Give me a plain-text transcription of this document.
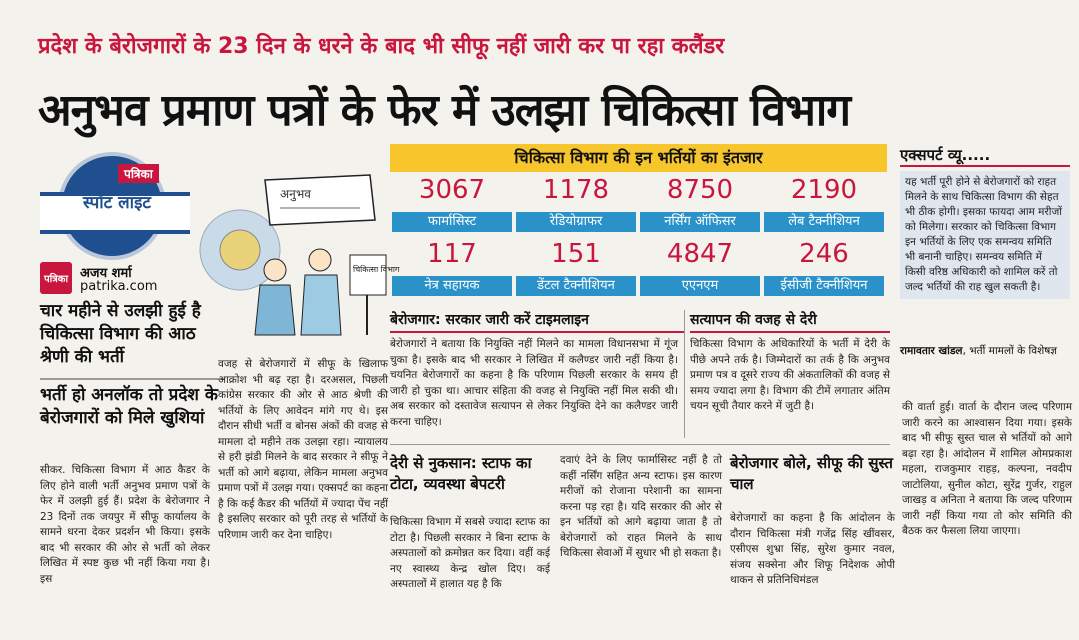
प्रदेश के बेरोजगारों के 23 दिन के धरने के बाद भी सीफू नहीं जारी कर पा रहा कलैंडर
अनुभव प्रमाण पत्रों के फेर में उलझा चिकित्सा विभाग
स्पॉट लाइट
पत्रिका
पत्रिका अजय शर्मा
patrika.com
अनुभव
चिकित्सा विभाग
चार महीने से उलझी हुई है चिकित्सा विभाग की आठ श्रेणी की भर्ती
भर्ती हो अनलॉक तो प्रदेश के बेरोजगारों को मिले खुशियां
सीकर. चिकित्सा विभाग में आठ कैडर के लिए होने वाली भर्ती अनुभव प्रमाण पत्रों के फेर में उलझी हुई हैं। प्रदेश के बेरोजगार ने 23 दिनों तक जयपुर में सीफू कार्यालय के सामने धरना देकर प्रदर्शन भी किया। इसके बाद भी सरकार की ओर से भर्ती को लेकर लिखित में स्पष्ट कुछ भी नहीं किया गया है। इस
वजह से बेरोजगारों में सीफू के खिलाफ आक्रोश भी बढ़ रहा है। दरअसल, पिछली कांग्रेस सरकार की ओर से आठ श्रेणी की भर्तियों के लिए आवेदन मांगे गए थे। इस दौरान सीधी भर्ती व बोनस अंकों की वजह से मामला दो महीने तक उलझा रहा। न्यायालय से हरी झंडी मिलने के बाद सरकार ने सीफू ने भर्ती को आगे बढ़ाया, लेकिन मामला अनुभव प्रमाण पत्रों में उलझ गया। एक्सपर्ट का कहना है कि कई कैडर की भर्तियों में ज्यादा पेंच नहीं है इसलिए सरकार को पूरी तरह से भर्तियों के परिणाम जारी कर देना चाहिए।
चिकित्सा विभाग की इन भर्तियों का इंतजार
3067	1178	8750	2190
फार्मासिस्ट	रेडियोग्राफर	नर्सिंग ऑफिसर	लेब टैक्नीशियन
117	151	4847	246
नेत्र सहायक	डेंटल टैक्नीशियन	एएनएम	ईसीजी टैक्नीशियन
बेरोजगार: सरकार जारी करें टाइमलाइन
बेरोजगारों ने बताया कि नियुक्ति नहीं मिलने का मामला विधानसभा में गूंज चुका है। इसके बाद भी सरकार ने लिखित में कलैण्डर जारी नहीं किया है। चयनित बेरोजगारों का कहना है कि परिणाम पिछली सरकार के समय ही जारी हो चुका था। आचार संहिता की वजह से नियुक्ति नहीं मिल सकी थी। अब सरकार को दस्तावेज सत्यापन से लेकर नियुक्ति देने का कलैण्डर जारी करना चाहिए।
सत्यापन की वजह से देरी
चिकित्सा विभाग के अधिकारियों के भर्ती में देरी के पीछे अपने तर्क है। जिम्मेदारों का तर्क है कि अनुभव प्रमाण पत्र व दूसरे राज्य की अंकतालिकों की वजह से समय ज्यादा लगा है। विभाग की टीमें लगातार अंतिम चयन सूची तैयार करने में जुटी है।
एक्सपर्ट व्यू.....
यह भर्ती पूरी होने से बेरोजगारों को राहत मिलने के साथ चिकित्सा विभाग की सेहत भी ठीक होगी। इसका फायदा आम मरीजों को मिलेगा। सरकार को चिकित्सा विभाग इन भर्तियों के लिए एक समन्वय समिति भी बनानी चाहिए। समन्वय समिति में किसी वरिष्ठ अधिकारी को शामिल करें तो जल्द भर्तियों की राह खुल सकती है।
रामावतार खांडल, भर्ती मामलों के विशेषज्ञ
देरी से नुकसान: स्टाफ का टोटा, व्यवस्था बेपटरी
चिकित्सा विभाग में सबसे ज्यादा स्टाफ का टोटा है। पिछली सरकार ने बिना स्टाफ के अस्पतालों को क्रमोन्नत कर दिया। वहीं कई नए स्वास्थ्य केन्द्र खोल दिए। कई अस्पतालों में हालात यह है कि
दवाएं देने के लिए फार्मासिस्ट नहीं है तो कहीं नर्सिंग सहित अन्य स्टाफ। इस कारण मरीजों को रोजाना परेशानी का सामना करना पड़ रहा है। यदि सरकार की ओर से इन भर्तियों को आगे बढ़ाया जाता है तो बेरोजगारों को राहत मिलने के साथ चिकित्सा सेवाओं में सुधार भी हो सकता है।
बेरोजगार बोले, सीफू की सुस्त चाल
बेरोजगारों का कहना है कि आंदोलन के दौरान चिकित्सा मंत्री गजेंद्र सिंह खींवसर, एसीएस शुभ्रा सिंह, सुरेश कुमार नवल, संजय सक्सेना और शिफू निदेशक ओपी थाकन से प्रतिनिधिमंडल
की वार्ता हुई। वार्ता के दौरान जल्द परिणाम जारी करने का आश्वासन दिया गया। इसके बाद भी सीफू सुस्त चाल से भर्तियों को आगे बढ़ा रहा है। आंदोलन में शामिल ओमप्रकाश महला, राजकुमार राहड़, कल्पना, नवदीप जाटोलिया, सुनील कोटा, सुरेंद्र गुर्जर, राहुल जाखड़ व अनिता ने बताया कि जल्द परिणाम जारी नहीं किया गया तो कोर समिति की बैठक कर फैसला लिया जाएगा।
